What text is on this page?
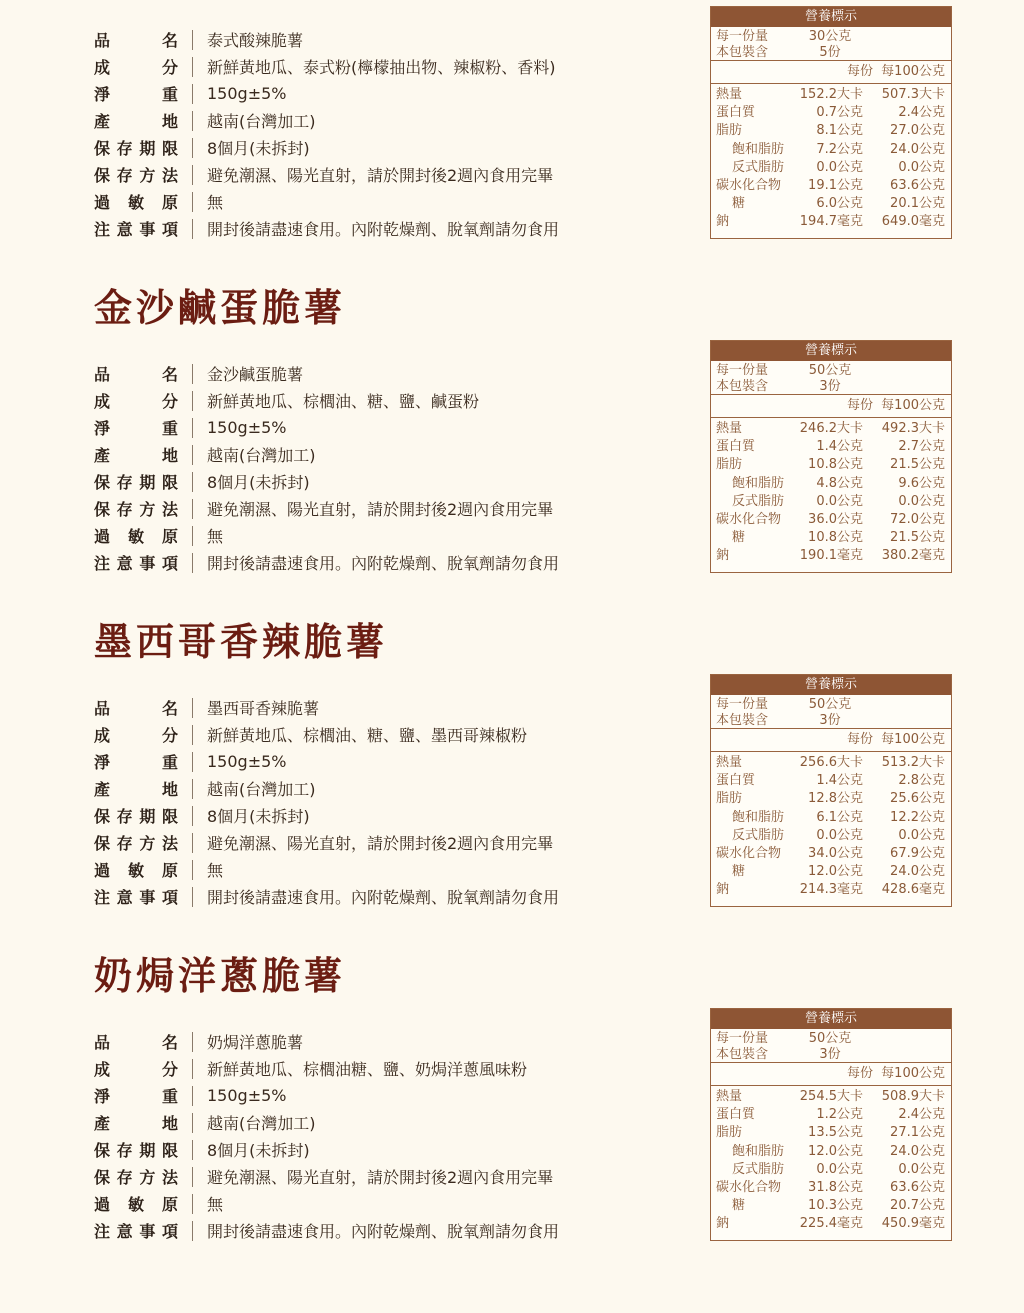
品	名	泰式酸辣脆薯
成	分	新鮮黃地瓜、泰式粉(檸檬抽出物、辣椒粉、香料)
淨	重	150g±5%
產	地	越南(台灣加工)
保 存 期 限	8個月(未拆封)
保 存 方 法	避免潮濕、陽光直射，請於開封後2週內食用完畢
過 敏 原	無
注 意 事 項	開封後請盡速食用。內附乾燥劑、脫氧劑請勿食用
營養標示
每一份量	30公克
本包裝含	5份
每份 每100公克
熱量	152.2大卡	507.3大卡
蛋白質	0.7公克	2.4公克
脂肪	8.1公克	27.0公克
飽和脂肪	7.2公克	24.0公克
反式脂肪	0.0公克	0.0公克
碳水化合物	19.1公克	63.6公克
糖	6.0公克	20.1公克
鈉	194.7毫克	649.0毫克
金沙鹹蛋脆薯
品	名	金沙鹹蛋脆薯
成	分	新鮮黃地瓜、棕櫚油、糖、鹽、鹹蛋粉
淨	重	150g±5%
產	地	越南(台灣加工)
保 存 期 限	8個月(未拆封)
保 存 方 法	避免潮濕、陽光直射，請於開封後2週內食用完畢
過 敏 原	無
注 意 事 項	開封後請盡速食用。內附乾燥劑、脫氧劑請勿食用
營養標示
每一份量	50公克
本包裝含	3份
每份 每100公克
熱量	246.2大卡	492.3大卡
蛋白質	1.4公克	2.7公克
脂肪	10.8公克	21.5公克
飽和脂肪	4.8公克	9.6公克
反式脂肪	0.0公克	0.0公克
碳水化合物	36.0公克	72.0公克
糖	10.8公克	21.5公克
鈉	190.1毫克	380.2毫克
墨西哥香辣脆薯
品	名	墨西哥香辣脆薯
成	分	新鮮黃地瓜、棕櫚油、糖、鹽、墨西哥辣椒粉
淨	重	150g±5%
產	地	越南(台灣加工)
保 存 期 限	8個月(未拆封)
保 存 方 法	避免潮濕、陽光直射，請於開封後2週內食用完畢
過 敏 原	無
注 意 事 項	開封後請盡速食用。內附乾燥劑、脫氧劑請勿食用
營養標示
每一份量	50公克
本包裝含	3份
每份 每100公克
熱量	256.6大卡	513.2大卡
蛋白質	1.4公克	2.8公克
脂肪	12.8公克	25.6公克
飽和脂肪	6.1公克	12.2公克
反式脂肪	0.0公克	0.0公克
碳水化合物	34.0公克	67.9公克
糖	12.0公克	24.0公克
鈉	214.3毫克	428.6毫克
奶焗洋蔥脆薯
品	名	奶焗洋蔥脆薯
成	分	新鮮黃地瓜、棕櫚油糖、鹽、奶焗洋蔥風味粉
淨	重	150g±5%
產	地	越南(台灣加工)
保 存 期 限	8個月(未拆封)
保 存 方 法	避免潮濕、陽光直射，請於開封後2週內食用完畢
過 敏 原	無
注 意 事 項	開封後請盡速食用。內附乾燥劑、脫氧劑請勿食用
營養標示
每一份量	50公克
本包裝含	3份
每份 每100公克
熱量	254.5大卡	508.9大卡
蛋白質	1.2公克	2.4公克
脂肪	13.5公克	27.1公克
飽和脂肪	12.0公克	24.0公克
反式脂肪	0.0公克	0.0公克
碳水化合物	31.8公克	63.6公克
糖	10.3公克	20.7公克
鈉	225.4毫克	450.9毫克
